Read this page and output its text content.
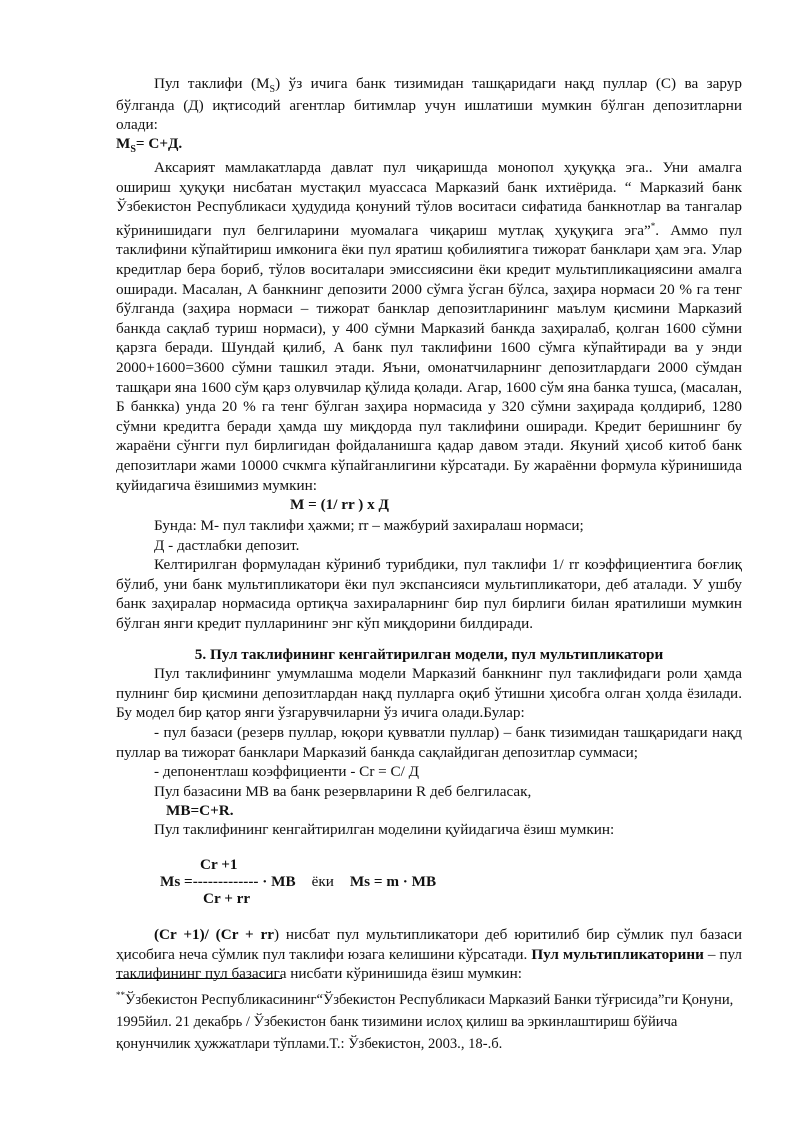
Пул таклифи $(M_S)$ ўз ичига банк тизимидан ташқаридаги нақд пуллар (С) ва зарур бўлганда (Д) иқтисодий агентлар битимлар учун ишлатиши мумкин бўлган депозитларни олади:

$M_S= С+Д$.

Аксарият мамлакатларда давлат пул чиқаришда монопол ҳуқуққа эга.. Уни амалга ошириш ҳуқуқи нисбатан мустақил муассаса Марказий банк ихтиёрида. “ Марказий банк Ўзбекистон Республикаси ҳудудида қонуний тўлов воситаси сифатида банкнотлар ва тангалар кўринишидаги пул белгиларини муомалага чиқариш мутлақ ҳуқуқига эга”*. Аммо пул таклифини кўпайтириш имконига ёки пул яратиш қобилиятига тижорат банклари ҳам эга. Улар кредитлар бера бориб, тўлов воситалари эмиссиясини ёки кредит мультипликациясини амалга оширади. Масалан, А банкнинг депозити 2000 сўмга ўсган бўлса, заҳира нормаси 20 % га тенг бўлганда (заҳира нормаси – тижорат банклар депозитларининг маълум қисмини Марказий банкда сақлаб туриш нормаси), у 400 сўмни Марказий банкда заҳиралаб, қолган 1600 сўмни қарзга беради. Шундай қилиб, А банк пул таклифини 1600 сўмга кўпайтиради ва у энди 2000+1600=3600 сўмни ташкил этади. Яъни, омонатчиларнинг депозитлардаги 2000 сўмдан ташқари яна 1600 сўм қарз олувчилар қўлида қолади. Агар, 1600 сўм яна банка тушса, (масалан, Б банкка) унда 20 % га тенг бўлган заҳира нормасида у 320 сўмни заҳирада қолдириб, 1280 сўмни кредитга беради ҳамда шу миқдорда пул таклифини оширади. Кредит беришнинг бу жараёни сўнгги пул бирлигидан фойдаланишга қадар давом этади. Якуний ҳисоб китоб банк депозитлари жами 10000 счкмга кўпайганлигини кўрсатади. Бу жараённи формула кўринишида қуйидагича ёзишимиз мумкин:

M = (1/ rr ) х Д

Бунда: M- пул таклифи ҳажми; rr – мажбурий захиралаш нормаси;

Д - дастлабки депозит.

Келтирилган формуладан кўриниб турибдики, пул таклифи 1/ rr коэффициентига боғлиқ бўлиб, уни банк мультипликатори ёки пул экспансияси мультипликатори, деб аталади. У ушбу банк заҳиралар нормасида ортиқча захираларнинг бир пул бирлиги билан яратилиши мумкин бўлган янги кредит пулларининг энг кўп миқдорини билдиради.

5. Пул таклифининг кенгайтирилган модели, пул мультипликатори

Пул таклифининг умумлашма модели Марказий банкнинг пул таклифидаги роли ҳамда пулнинг бир қисмини депозитлардан нақд пулларга оқиб ўтишни ҳисобга олган ҳолда ёзилади. Бу модел бир қатор янги ўзгарувчиларни ўз ичига олади.Булар:

- пул базаси (резерв пуллар, юқори қувватли пуллар) – банк тизимидан ташқаридаги нақд пуллар ва тижорат банклари Марказий банкда сақлайдиган депозитлар суммаси;

- депонентлаш коэффициенти - Cr = C/ Д

Пул базасини MB ва банк резервларини R деб белгиласак,

MB=C+R.

Пул таклифининг кенгайтирилган моделини қуйидагича ёзиш мумкин:

Cr +1

Ms =------------- · MB ёки Ms = m · MB

Cr + rr

(Cr +1)/ (Cr + rr) нисбат пул мультипликатори деб юритилиб бир сўмлик пул базаси ҳисобига неча сўмлик пул таклифи юзага келишини кўрсатади. Пул мультипликаторини – пул таклифининг пул базасига нисбати кўринишида ёзиш мумкин:

**Ўзбекистон Республикасининг“Ўзбекистон Республикаси Марказий Банки тўғрисида”ги Қонуни, 1995йил. 21 декабрь / Ўзбекистон банк тизимини ислоҳ қилиш ва эркинлаштириш бўйича қонунчилик ҳужжатлари тўплами.Т.: Ўзбекистон, 2003., 18-.б.
